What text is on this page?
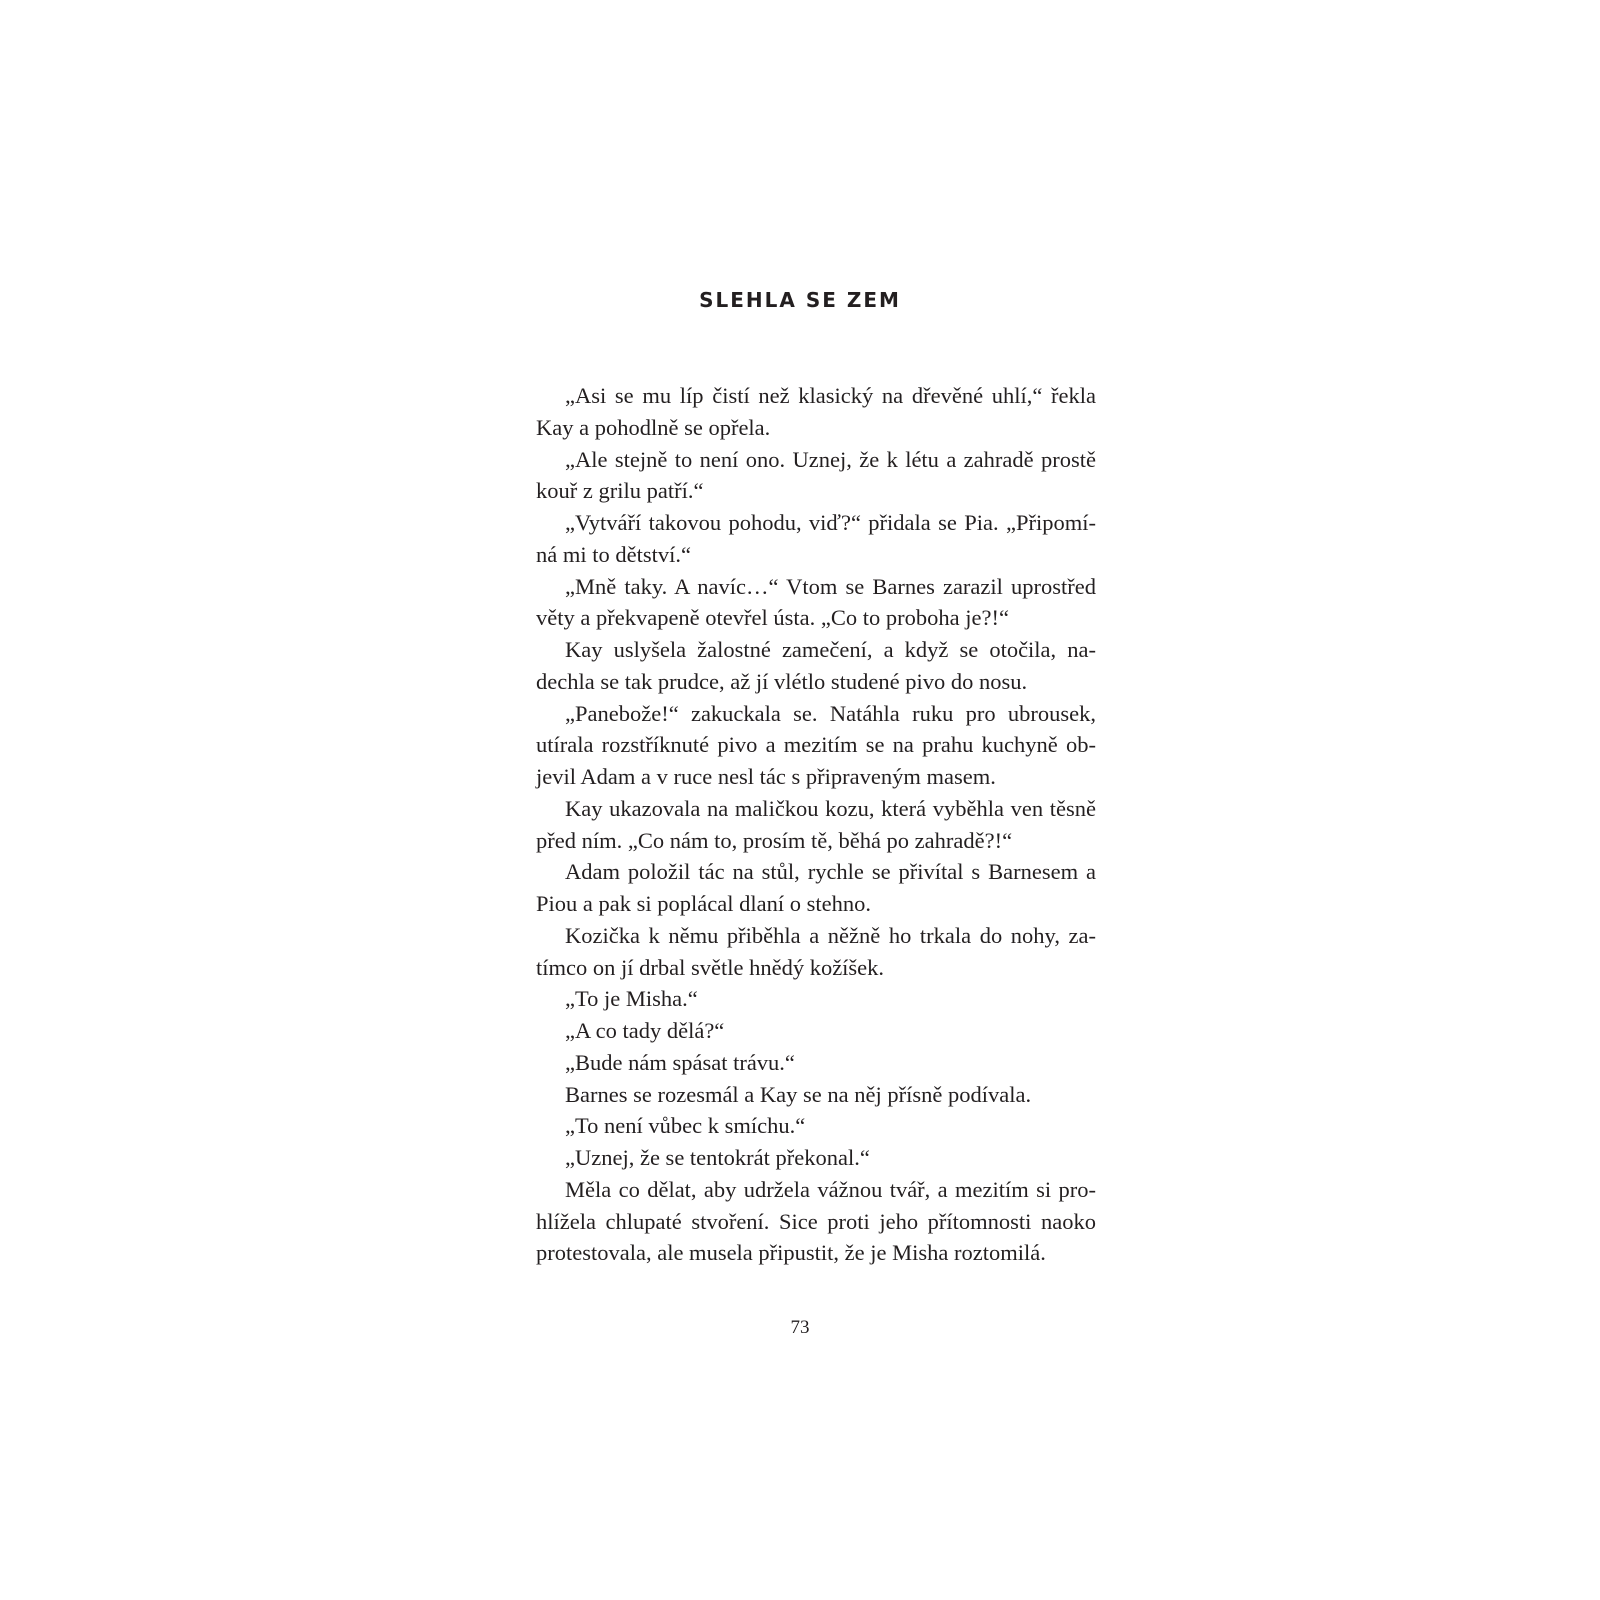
SLEHLA SE ZEM

„Asi se mu líp čistí než klasický na dřevěné uhlí,“ řekla Kay a pohodlně se opřela.

„Ale stejně to není ono. Uznej, že k létu a zahradě prostě kouř z grilu patří.“

„Vytváří takovou pohodu, viď?“ přidala se Pia. „Připomíná mi to dětství.“

„Mně taky. A navíc…“ Vtom se Barnes zarazil uprostřed věty a překvapeně otevřel ústa. „Co to proboha je?!“

Kay uslyšela žalostné zamečení, a když se otočila, nadechla se tak prudce, až jí vlétlo studené pivo do nosu.

„Panebože!“ zakuckala se. Natáhla ruku pro ubrousek, utírala rozstříknuté pivo a mezitím se na prahu kuchyně objevil Adam a v ruce nesl tác s připraveným masem.

Kay ukazovala na maličkou kozu, která vyběhla ven těsně před ním. „Co nám to, prosím tě, běhá po zahradě?!“

Adam položil tác na stůl, rychle se přivítal s Barnesem a Piou a pak si poplácal dlaní o stehno.

Kozička k němu přiběhla a něžně ho trkala do nohy, zatímco on jí drbal světle hnědý kožíšek.

„To je Misha.“

„A co tady dělá?“

„Bude nám spásat trávu.“

Barnes se rozesmál a Kay se na něj přísně podívala.

„To není vůbec k smíchu.“

„Uznej, že se tentokrát překonal.“

Měla co dělat, aby udržela vážnou tvář, a mezitím si prohlížela chlupaté stvoření. Sice proti jeho přítomnosti naoko protestovala, ale musela připustit, že je Misha roztomilá.

73
